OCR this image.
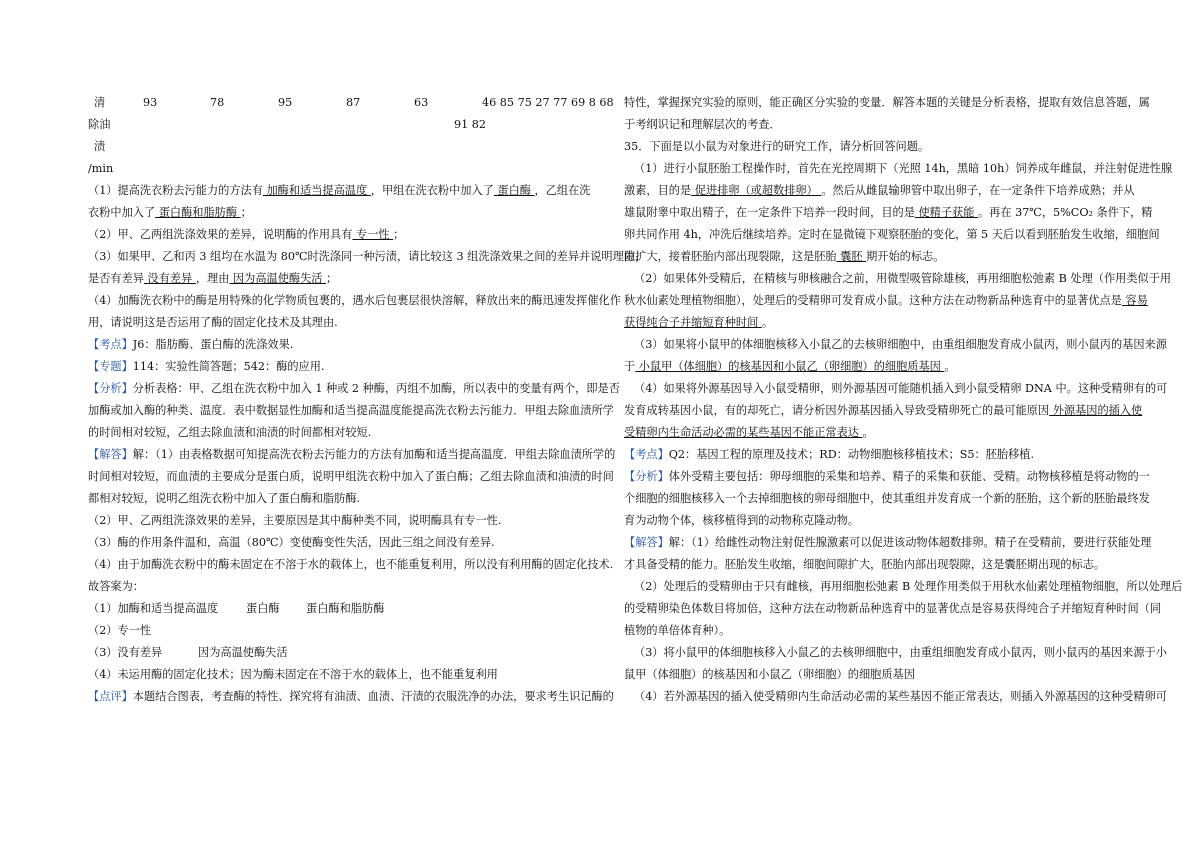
清	93	78	95	87	63	46 85 75 27 77 69 8 68
除油	91 82
渍
/min
（1）提高洗衣粉去污能力的方法有 加酶和适当提高温度 ，甲组在洗衣粉中加入了 蛋白酶 ，乙组在洗
衣粉中加入了 蛋白酶和脂肪酶 ；
（2）甲、乙两组洗涤效果的差异，说明酶的作用具有 专一性 ；
（3）如果甲、乙和丙 3 组均在水温为 80℃时洗涤同一种污渍，请比较这 3 组洗涤效果之间的差异并说明理由，
是否有差异 没有差异 ，理由 因为高温使酶失活 ；
（4）加酶洗衣粉中的酶是用特殊的化学物质包裹的，遇水后包裹层很快溶解，释放出来的酶迅速发挥催化作
用，请说明这是否运用了酶的固定化技术及其理由.
【考点】J6：脂肪酶、蛋白酶的洗涤效果.
【专题】114：实验性简答题；542：酶的应用.
【分析】分析表格：甲、乙组在洗衣粉中加入 1 种或 2 种酶，丙组不加酶，所以表中的变量有两个，即是否
加酶或加入酶的种类、温度．表中数据显性加酶和适当提高温度能提高洗衣粉去污能力．甲组去除血渍所学
的时间相对较短，乙组去除血渍和油渍的时间都相对较短.
【解答】解：（1）由表格数据可知提高洗衣粉去污能力的方法有加酶和适当提高温度．甲组去除血渍所学的
时间相对较短，而血渍的主要成分是蛋白质，说明甲组洗衣粉中加入了蛋白酶；乙组去除血渍和油渍的时间
都相对较短，说明乙组洗衣粉中加入了蛋白酶和脂肪酶.
（2）甲、乙两组洗涤效果的差异，主要原因是其中酶种类不同，说明酶具有专一性.
（3）酶的作用条件温和，高温（80℃）变使酶变性失活，因此三组之间没有差异.
（4）由于加酶洗衣粉中的酶未固定在不溶于水的载体上，也不能重复利用，所以没有利用酶的固定化技术.
故答案为：
（1）加酶和适当提高温度 蛋白酶 蛋白酶和脂肪酶
（2）专一性
（3）没有差异	因为高温使酶失活
（4）未运用酶的固定化技术；因为酶未固定在不溶于水的载体上，也不能重复利用
【点评】本题结合图表，考查酶的特性、探究将有油渍、血渍、汗渍的衣服洗净的办法，要求考生识记酶的
特性，掌握探究实验的原则，能正确区分实验的变量．解答本题的关键是分析表格，提取有效信息答题，属
于考纲识记和理解层次的考查．
35．下面是以小鼠为对象进行的研究工作，请分析回答问题。
（1）进行小鼠胚胎工程操作时，首先在光控周期下（光照 14h，黑暗 10h）饲养成年雌鼠，并注射促进性腺
激素，目的是 促进排卵（或超数排卵） 。然后从雌鼠输卵管中取出卵子，在一定条件下培养成熟；并从
雄鼠附睾中取出精子，在一定条件下培养一段时间，目的是 使精子获能 。再在 37℃，5%CO₂ 条件下，精
卵共同作用 4h，冲洗后继续培养。定时在显微镜下观察胚胎的变化，第 5 天后以看到胚胎发生收缩，细胞间
隙扩大，接着胚胎内部出现裂隙，这是胚胎 囊胚 期开始的标志。
（2）如果体外受精后，在精核与卵核融合之前，用微型吸管除雄核，再用细胞松弛素 B 处理（作用类似于用
秋水仙素处理植物细胞），处理后的受精卵可发育成小鼠。这种方法在动物新品种选育中的显著优点是 容易
获得纯合子并缩短育种时间 。
（3）如果将小鼠甲的体细胞核移入小鼠乙的去核卵细胞中，由重组细胞发育成小鼠丙，则小鼠丙的基因来源
于 小鼠甲（体细胞）的核基因和小鼠乙（卵细胞）的细胞质基因 。
（4）如果将外源基因导入小鼠受精卵，则外源基因可能随机插入到小鼠受精卵 DNA 中。这种受精卵有的可
发育成转基因小鼠，有的却死亡，请分析因外源基因插入导致受精卵死亡的最可能原因 外源基因的插入使
受精卵内生命活动必需的某些基因不能正常表达 。
【考点】Q2：基因工程的原理及技术；RD：动物细胞核移植技术；S5：胚胎移植.
【分析】体外受精主要包括：卵母细胞的采集和培养、精子的采集和获能、受精。动物核移植是将动物的一
个细胞的细胞核移入一个去掉细胞核的卵母细胞中，使其重组并发育成一个新的胚胎，这个新的胚胎最终发
育为动物个体，核移植得到的动物称克隆动物。
【解答】解：（1）给雌性动物注射促性腺激素可以促进该动物体超数排卵。精子在受精前，要进行获能处理
才具备受精的能力。胚胎发生收缩，细胞间隙扩大，胚胎内部出现裂隙，这是囊胚期出现的标志。
（2）处理后的受精卵由于只有雌核，再用细胞松弛素 B 处理作用类似于用秋水仙素处理植物细胞，所以处理后
的受精卵染色体数目将加倍，这种方法在动物新品种选育中的显著优点是容易获得纯合子并缩短育种时间（同
植物的单倍体育种）。
（3）将小鼠甲的体细胞核移入小鼠乙的去核卵细胞中，由重组细胞发育成小鼠丙，则小鼠丙的基因来源于小
鼠甲（体细胞）的核基因和小鼠乙（卵细胞）的细胞质基因
（4）若外源基因的插入使受精卵内生命活动必需的某些基因不能正常表达，则插入外源基因的这种受精卵可
